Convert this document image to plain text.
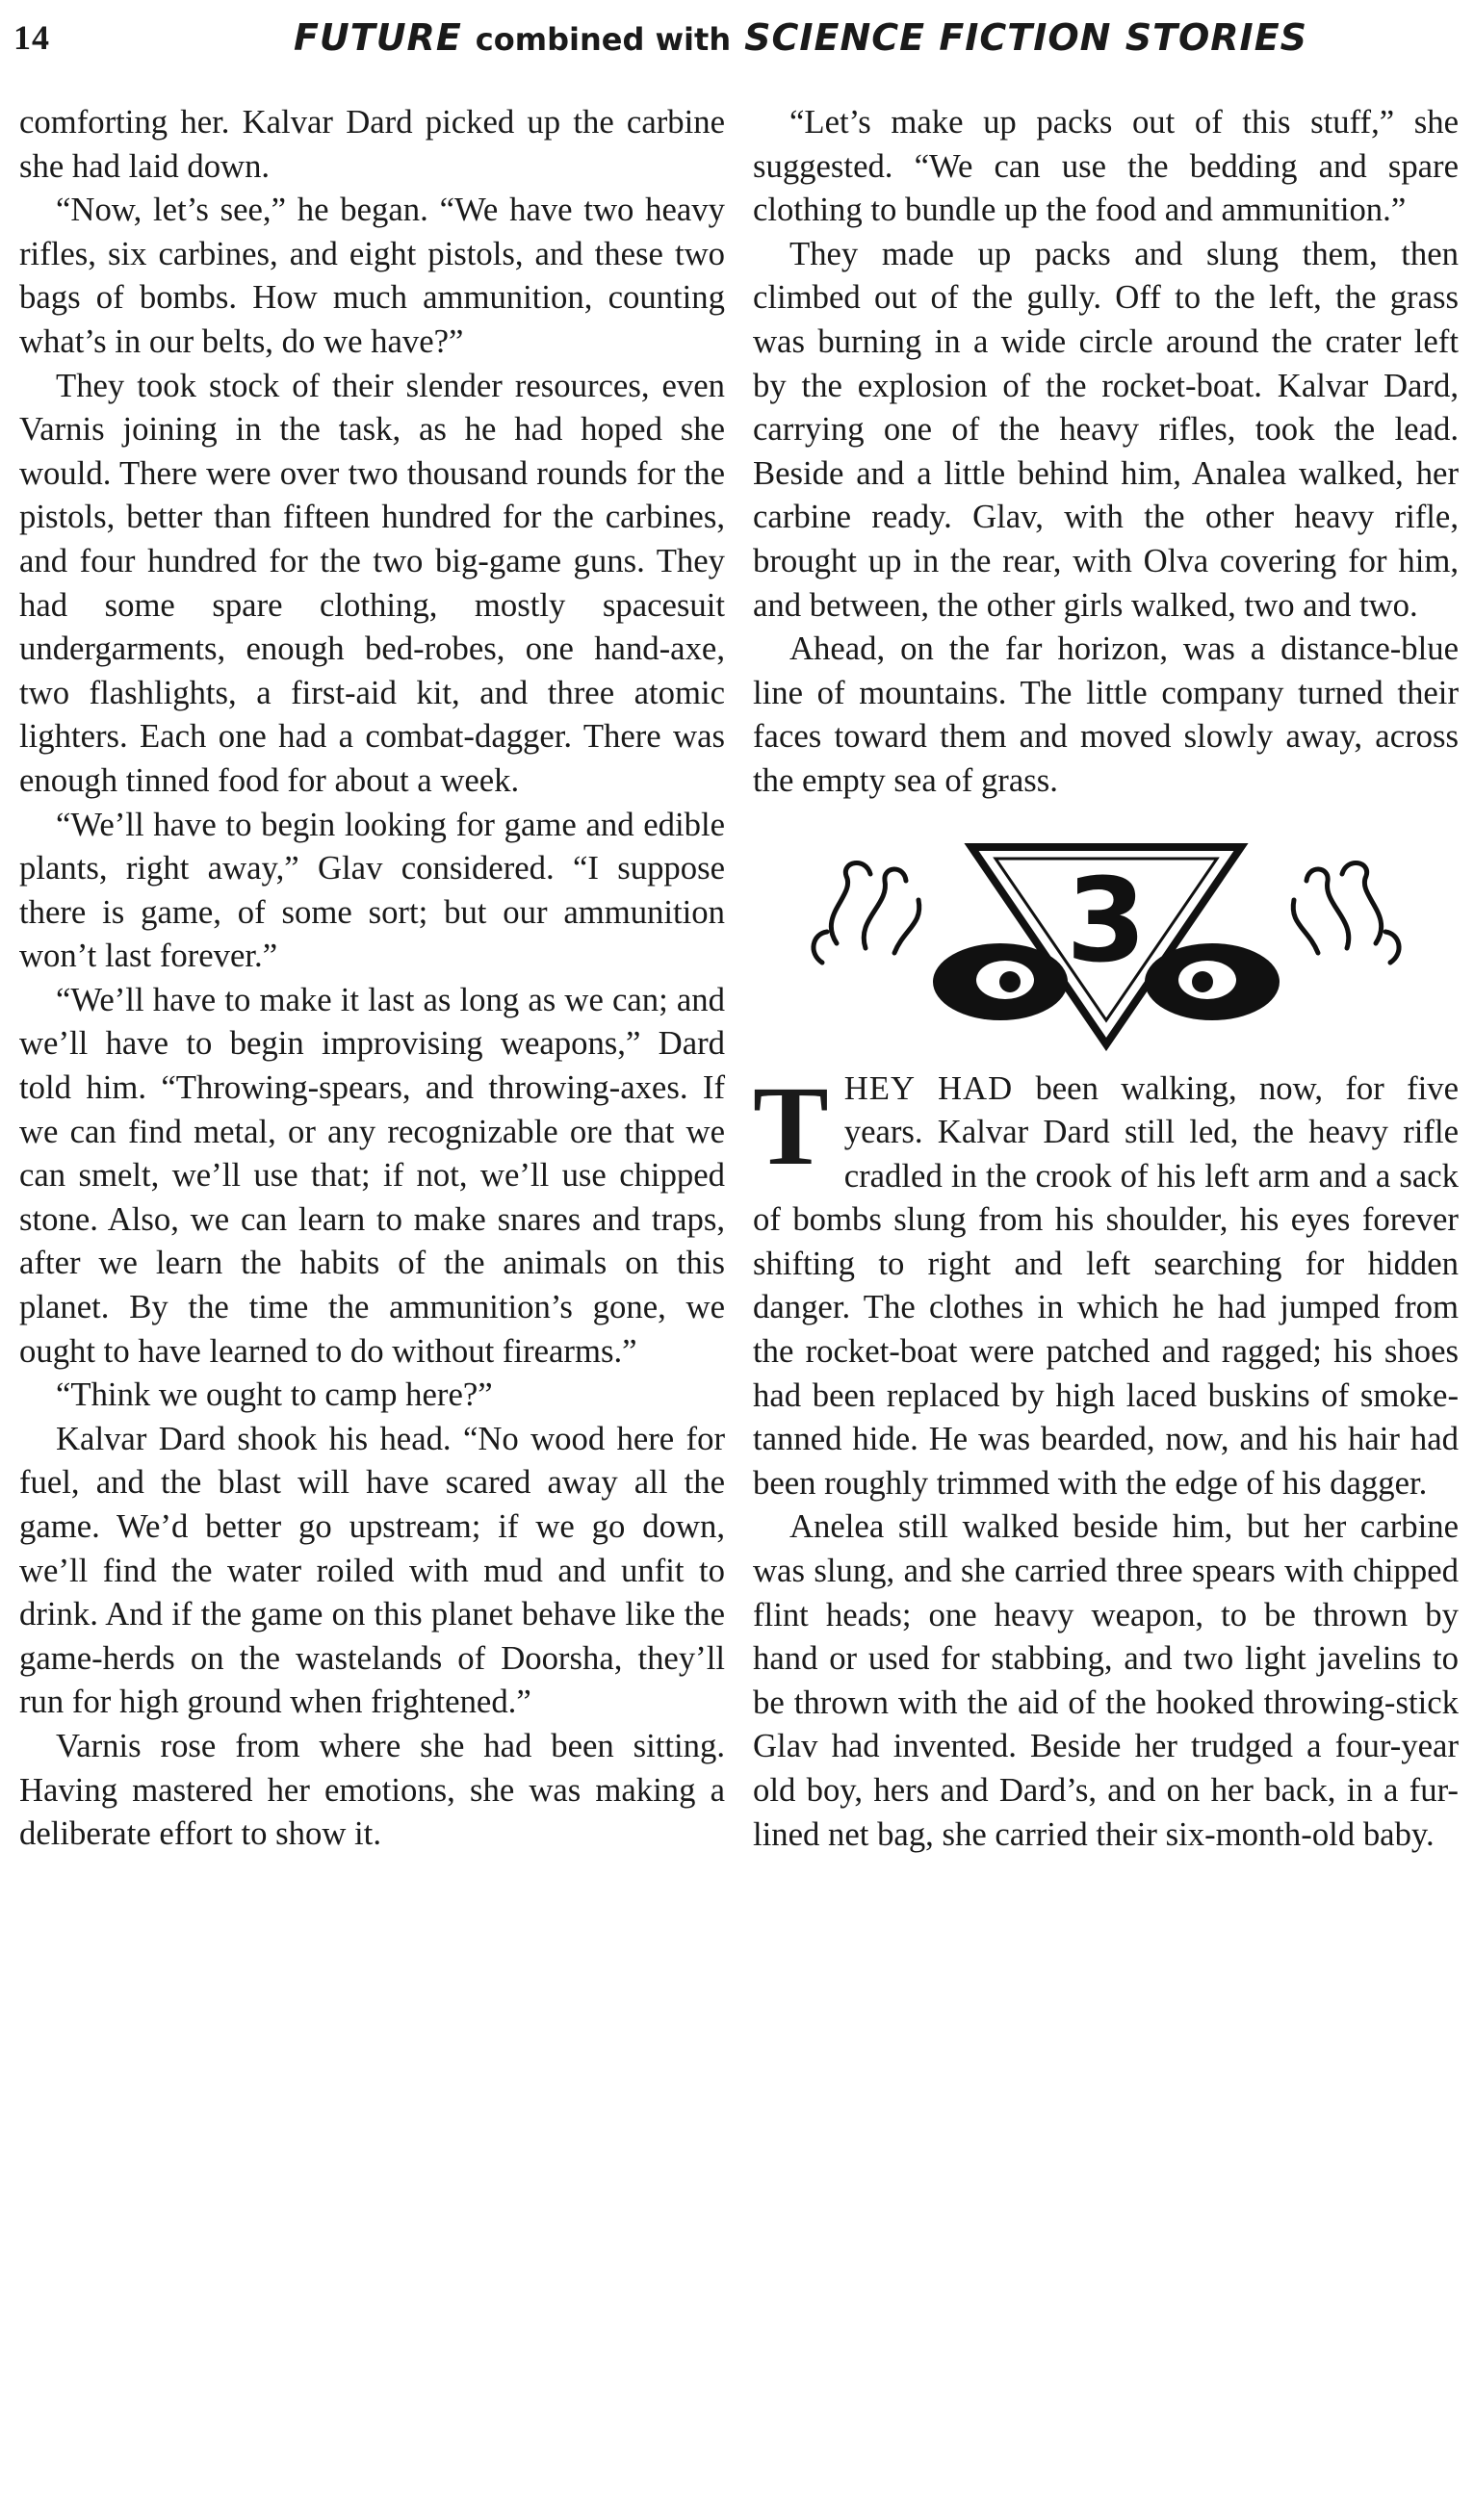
14	FUTURE combined with SCIENCE FICTION STORIES

comforting her. Kalvar Dard picked up the carbine she had laid down.

“Now, let’s see,” he began. “We have two heavy rifles, six carbines, and eight pistols, and these two bags of bombs. How much ammunition, counting what’s in our belts, do we have?”

They took stock of their slender resources, even Varnis joining in the task, as he had hoped she would. There were over two thousand rounds for the pistols, better than fifteen hundred for the carbines, and four hundred for the two big-game guns. They had some spare clothing, mostly spacesuit undergarments, enough bed-robes, one hand-axe, two flashlights, a first-aid kit, and three atomic lighters. Each one had a combat-dagger. There was enough tinned food for about a week.

“We’ll have to begin looking for game and edible plants, right away,” Glav considered. “I suppose there is game, of some sort; but our ammunition won’t last forever.”

“We’ll have to make it last as long as we can; and we’ll have to begin improvising weapons,” Dard told him. “Throwing-spears, and throwing-axes. If we can find metal, or any recognizable ore that we can smelt, we’ll use that; if not, we’ll use chipped stone. Also, we can learn to make snares and traps, after we learn the habits of the animals on this planet. By the time the ammunition’s gone, we ought to have learned to do without firearms.”

“Think we ought to camp here?”

Kalvar Dard shook his head. “No wood here for fuel, and the blast will have scared away all the game. We’d better go upstream; if we go down, we’ll find the water roiled with mud and unfit to drink. And if the game on this planet behave like the game-herds on the wastelands of Doorsha, they’ll run for high ground when frightened.”

Varnis rose from where she had been sitting. Having mastered her emotions, she was making a deliberate effort to show it.

“Let’s make up packs out of this stuff,” she suggested. “We can use the bedding and spare clothing to bundle up the food and ammunition.”

They made up packs and slung them, then climbed out of the gully. Off to the left, the grass was burning in a wide circle around the crater left by the explosion of the rocket-boat. Kalvar Dard, carrying one of the heavy rifles, took the lead. Beside and a little behind him, Analea walked, her carbine ready. Glav, with the other heavy rifle, brought up in the rear, with Olva covering for him, and between, the other girls walked, two and two.

Ahead, on the far horizon, was a distance-blue line of mountains. The little company turned their faces toward them and moved slowly away, across the empty sea of grass.

3

THEY HAD been walking, now, for five years. Kalvar Dard still led, the heavy rifle cradled in the crook of his left arm and a sack of bombs slung from his shoulder, his eyes forever shifting to right and left searching for hidden danger. The clothes in which he had jumped from the rocket-boat were patched and ragged; his shoes had been replaced by high laced buskins of smoke-tanned hide. He was bearded, now, and his hair had been roughly trimmed with the edge of his dagger.

Anelea still walked beside him, but her carbine was slung, and she carried three spears with chipped flint heads; one heavy weapon, to be thrown by hand or used for stabbing, and two light javelins to be thrown with the aid of the hooked throwing-stick Glav had invented. Beside her trudged a four-year old boy, hers and Dard’s, and on her back, in a fur-lined net bag, she carried their six-month-old baby.
